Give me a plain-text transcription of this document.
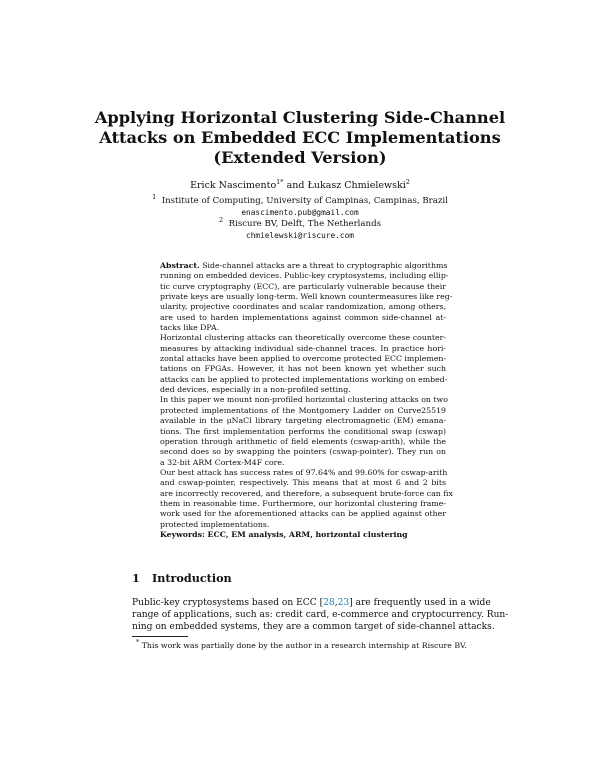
Applying Horizontal Clustering Side-Channel
Attacks on Embedded ECC Implementations
(Extended Version)
Erick Nascimento$^{1*}$ and Łukasz Chmielewski$^2$
$^1$ Institute of Computing, University of Campinas, Campinas, Brazil
enascimento.pub@gmail.com
$^2$ Riscure BV, Delft, The Netherlands
chmielewski@riscure.com
Abstract. Side-channel attacks are a threat to cryptographic algorithms
running on embedded devices. Public-key cryptosystems, including ellip-
tic curve cryptography (ECC), are particularly vulnerable because their
private keys are usually long-term. Well known countermeasures like reg-
ularity, projective coordinates and scalar randomization, among others,
are used to harden implementations against common side-channel at-
tacks like DPA.
Horizontal clustering attacks can theoretically overcome these counter-
measures by attacking individual side-channel traces. In practice hori-
zontal attacks have been applied to overcome protected ECC implemen-
tations on FPGAs. However, it has not been known yet whether such
attacks can be applied to protected implementations working on embed-
ded devices, especially in a non-profiled setting.
In this paper we mount non-profiled horizontal clustering attacks on two
protected implementations of the Montgomery Ladder on Curve25519
available in the μNaCl library targeting electromagnetic (EM) emana-
tions. The first implementation performs the conditional swap (cswap)
operation through arithmetic of field elements (cswap-arith), while the
second does so by swapping the pointers (cswap-pointer). They run on
a 32-bit ARM Cortex-M4F core.
Our best attack has success rates of 97.64% and 99.60% for cswap-arith
and cswap-pointer, respectively. This means that at most 6 and 2 bits
are incorrectly recovered, and therefore, a subsequent brute-force can fix
them in reasonable time. Furthermore, our horizontal clustering frame-
work used for the aforementioned attacks can be applied against other
protected implementations.
Keywords: ECC, EM analysis, ARM, horizontal clustering
1 Introduction
Public-key cryptosystems based on ECC [28,23] are frequently used in a wide
range of applications, such as: credit card, e-commerce and cryptocurrency. Run-
ning on embedded systems, they are a common target of side-channel attacks.
* This work was partially done by the author in a research internship at Riscure BV.
